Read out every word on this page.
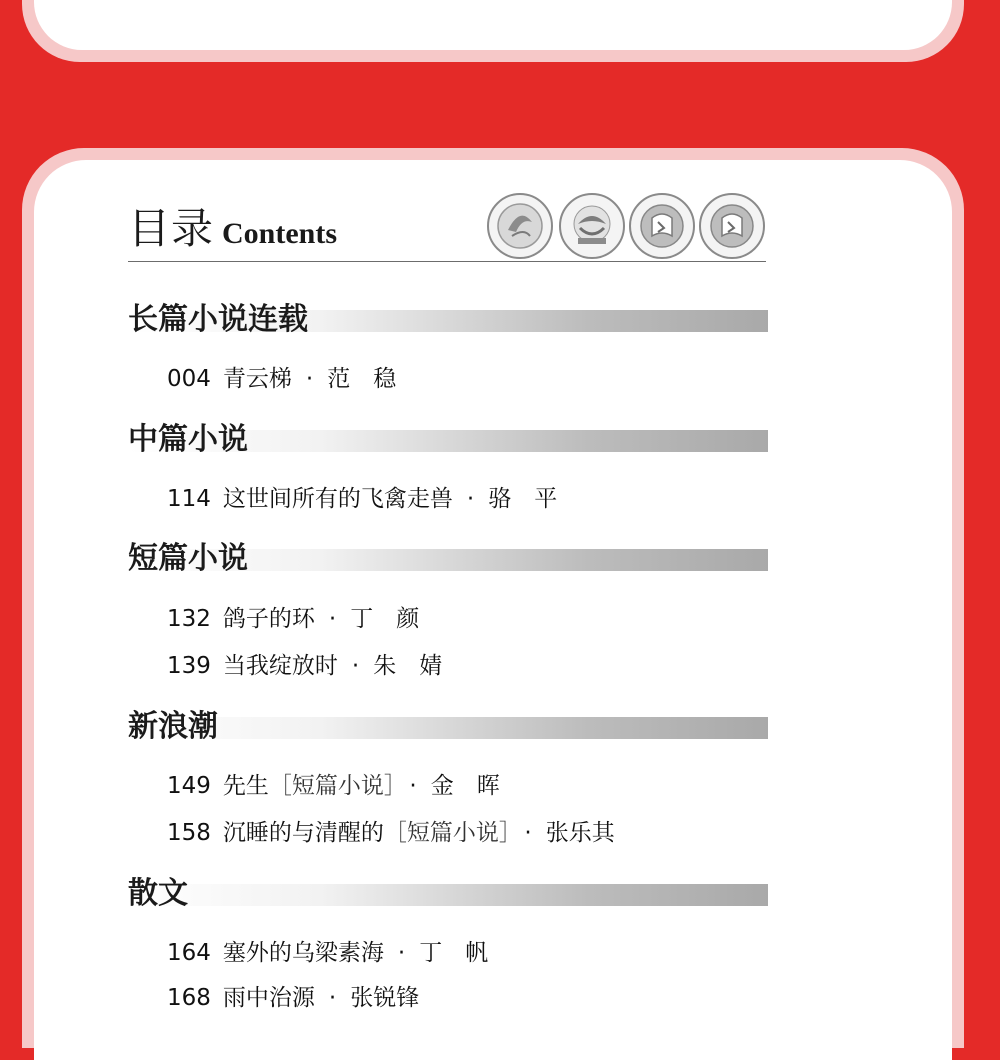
目录 Contents
长篇小说连载
004 青云梯 · 范　稳
中篇小说
114 这世间所有的飞禽走兽 · 骆　平
短篇小说
132 鸽子的环 · 丁　颜
139 当我绽放时 · 朱　婧
新浪潮
149 先生［短篇小说］ · 金　晖
158 沉睡的与清醒的［短篇小说］ · 张乐其
散文
164 塞外的乌梁素海 · 丁　帆
168 雨中治源 · 张锐锋
